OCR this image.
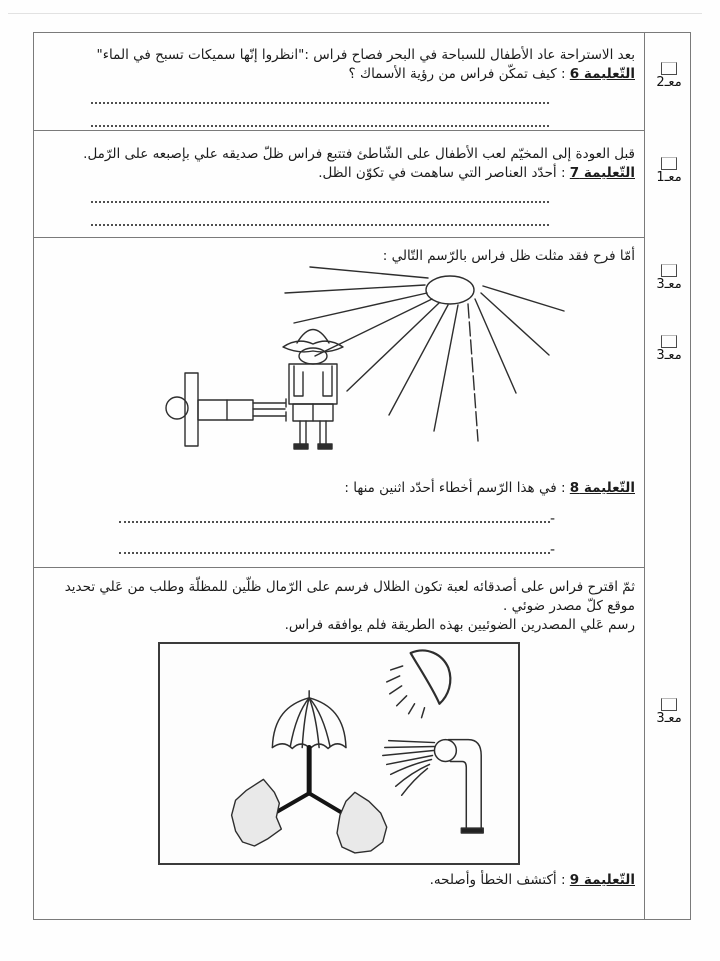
بعد الاستراحة عاد الأطفال للسباحة في البحر فصاح فراس :"انظروا إنّها سميكات تسبح في الماء"
التّعليمة 6 : كيف تمكّن فراس من رؤية الأسماك ؟
قبل العودة إلى المخيّم لعب الأطفال على الشّاطئ فتتبع فراس ظلّ صديقه علي بإصبعه على الرّمل.
التّعليمة 7 : أحدّد العناصر التي ساهمت في تكوّن الظل.
أمّا فرح فقد مثلت ظل فراس بالرّسم التّالي :
التّعليمة 8 : في هذا الرّسم أخطاء أحدّد اثنين منها :
-
-
ثمّ اقترح فراس على أصدقائه لعبة تكون الظلال فرسم على الرّمال ظلّين للمظلّة وطلب من عَلي تحديد
موقع كلّ مصدر ضوئي .
رسم عَلي المصدرين الضوئيين بهذه الطريقة فلم يوافقه فراس.
التّعليمة 9 : أكتشف الخطأ وأصلحه.
معـ2
معـ1
معـ3
معـ3
معـ3
